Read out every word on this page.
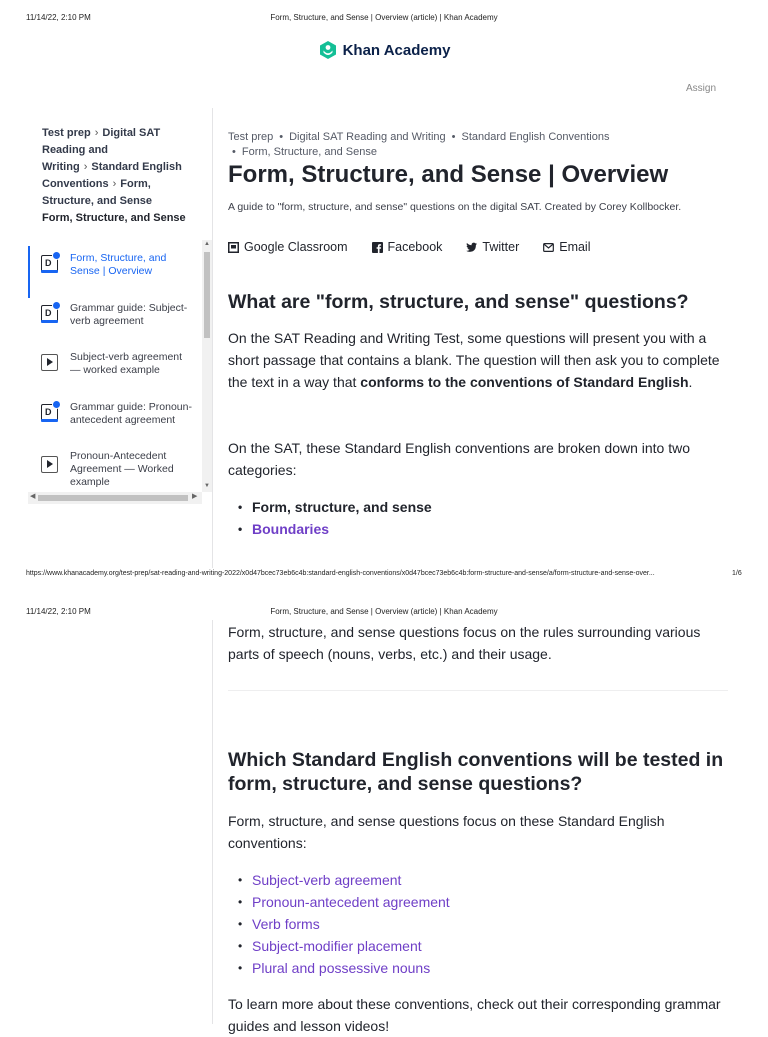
11/14/22, 2:10 PM	Form, Structure, and Sense | Overview (article) | Khan Academy
Khan Academy
Assign
Test prep › Digital SAT Reading and Writing › Standard English Conventions › Form, Structure, and Sense
Form, Structure, and Sense
D Form, Structure, and Sense | Overview
D Grammar guide: Subject-verb agreement
Subject-verb agreement — worked example
D Grammar guide: Pronoun-antecedent agreement
Pronoun-Antecedent Agreement — Worked example
▲
▼
◀	▶
Test prep • Digital SAT Reading and Writing • Standard English Conventions
• Form, Structure, and Sense
Form, Structure, and Sense | Overview
A guide to "form, structure, and sense" questions on the digital SAT. Created by Corey Kollbocker.
Google Classroom	Facebook	Twitter	Email
What are "form, structure, and sense" questions?

On the SAT Reading and Writing Test, some questions will present you with a short passage that contains a blank. The question will then ask you to complete the text in a way that conforms to the conventions of Standard English.

On the SAT, these Standard English conventions are broken down into two categories:

• Form, structure, and sense
• Boundaries
https://www.khanacademy.org/test-prep/sat-reading-and-writing-2022/x0d47bcec73eb6c4b:standard-english-conventions/x0d47bcec73eb6c4b:form-structure-and-sense/a/form-structure-and-sense-over...	1/6
11/14/22, 2:10 PM	Form, Structure, and Sense | Overview (article) | Khan Academy

Form, structure, and sense questions focus on the rules surrounding various parts of speech (nouns, verbs, etc.) and their usage.

Which Standard English conventions will be tested in form, structure, and sense questions?

Form, structure, and sense questions focus on these Standard English conventions:

• Subject-verb agreement
• Pronoun-antecedent agreement
• Verb forms
• Subject-modifier placement
• Plural and possessive nouns

To learn more about these conventions, check out their corresponding grammar guides and lesson videos!
